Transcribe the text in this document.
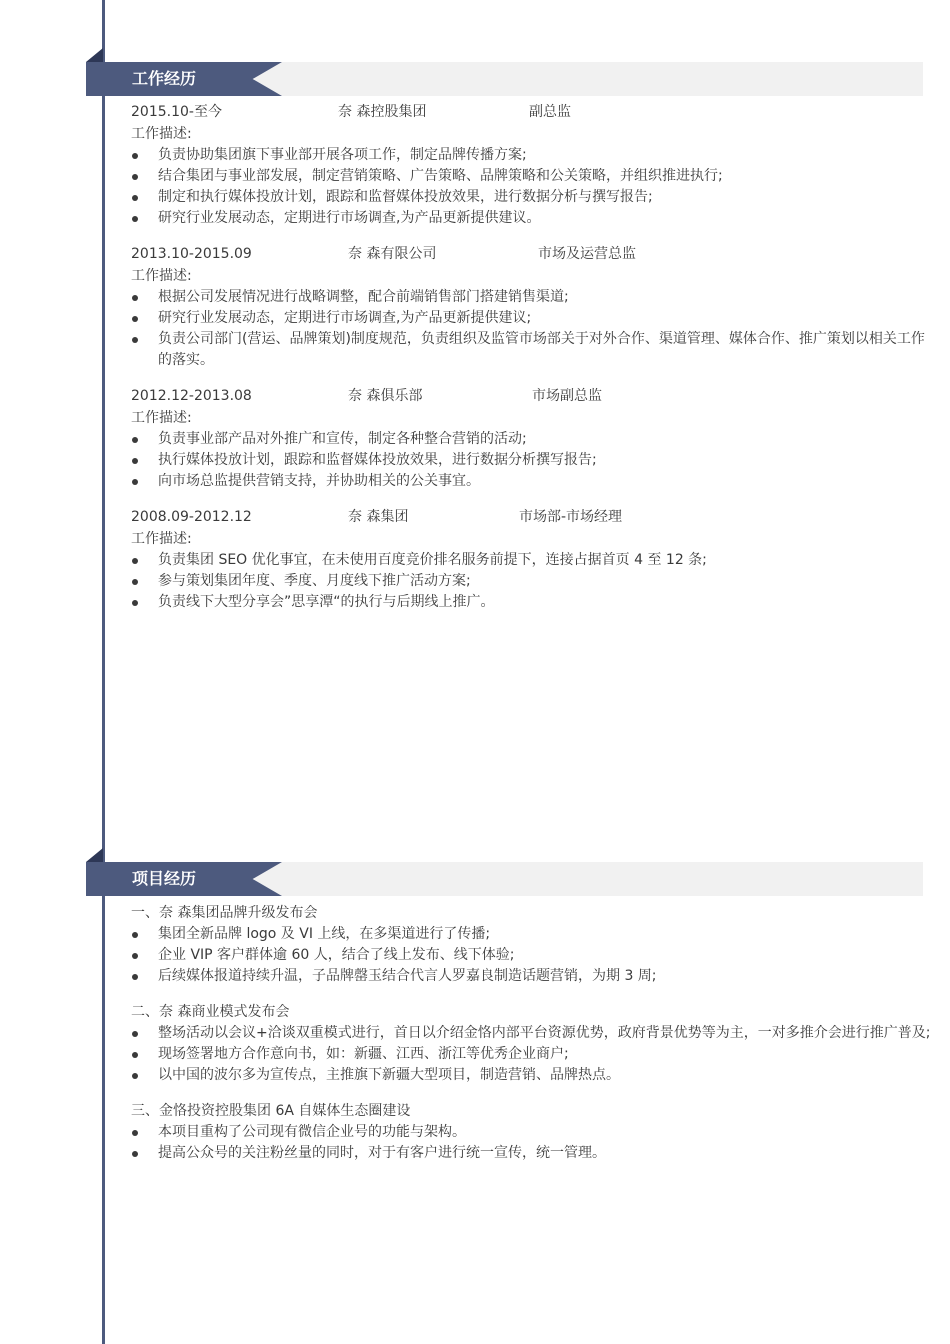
工作经历
2015.10-至今	奈 森控股集团	副总监
工作描述:
负责协助集团旗下事业部开展各项工作，制定品牌传播方案;
结合集团与事业部发展，制定营销策略、广告策略、品牌策略和公关策略，并组织推进执行;
制定和执行媒体投放计划，跟踪和监督媒体投放效果，进行数据分析与撰写报告;
研究行业发展动态，定期进行市场调查,为产品更新提供建议。
2013.10-2015.09	奈 森有限公司	市场及运营总监
工作描述:
根据公司发展情况进行战略调整，配合前端销售部门搭建销售渠道;
研究行业发展动态，定期进行市场调查,为产品更新提供建议;
负责公司部门(营运、品牌策划)制度规范，负责组织及监管市场部关于对外合作、渠道管理、媒体合作、推广策划以相关工作的落实。
2012.12-2013.08	奈 森俱乐部	市场副总监
工作描述:
负责事业部产品对外推广和宣传，制定各种整合营销的活动;
执行媒体投放计划，跟踪和监督媒体投放效果，进行数据分析撰写报告;
向市场总监提供营销支持，并协助相关的公关事宜。
2008.09-2012.12	奈 森集团	市场部-市场经理
工作描述:
负责集团 SEO 优化事宜，在未使用百度竞价排名服务前提下，连接占据首页 4 至 12 条;
参与策划集团年度、季度、月度线下推广活动方案;
负责线下大型分享会”思享潭“的执行与后期线上推广。
项目经历
一、奈 森集团品牌升级发布会
集团全新品牌 logo 及 VI 上线，在多渠道进行了传播;
企业 VIP 客户群体逾 60 人，结合了线上发布、线下体验;
后续媒体报道持续升温，子品牌罄玉结合代言人罗嘉良制造话题营销，为期 3 周;
二、奈 森商业模式发布会
整场活动以会议+洽谈双重模式进行，首日以介绍金恪内部平台资源优势，政府背景优势等为主，一对多推介会进行推广普及;
现场签署地方合作意向书，如：新疆、江西、浙江等优秀企业商户;
以中国的波尔多为宣传点，主推旗下新疆大型项目，制造营销、品牌热点。
三、金恪投资控股集团 6A 自媒体生态圈建设
本项目重构了公司现有微信企业号的功能与架构。
提高公众号的关注粉丝量的同时，对于有客户进行统一宣传，统一管理。
